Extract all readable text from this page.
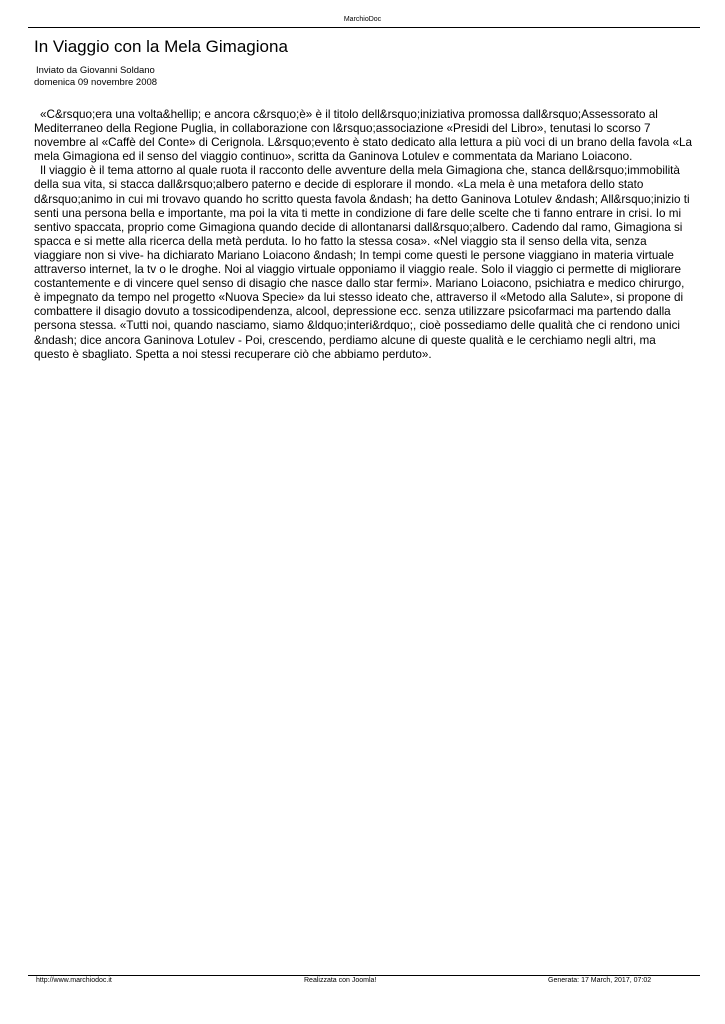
MarchioDoc
In Viaggio con la Mela Gimagiona
Inviato da Giovanni Soldano
domenica 09 novembre 2008

«C&rsquo;era una volta&hellip; e ancora c&rsquo;è» è il titolo dell&rsquo;iniziativa promossa dall&rsquo;Assessorato al Mediterraneo della Regione Puglia, in collaborazione con l&rsquo;associazione «Presidi del Libro», tenutasi lo scorso 7 novembre al «Caffè del Conte» di Cerignola. L&rsquo;evento è stato dedicato alla lettura a più voci di un brano della favola «La mela Gimagiona ed il senso del viaggio continuo», scritta da Ganinova Lotulev e commentata da Mariano Loiacono.

Il viaggio è il tema attorno al quale ruota il racconto delle avventure della mela Gimagiona che, stanca dell&rsquo;immobilità della sua vita, si stacca dall&rsquo;albero paterno e decide di esplorare il mondo. «La mela è una metafora dello stato d&rsquo;animo in cui mi trovavo quando ho scritto questa favola &ndash; ha detto Ganinova Lotulev &ndash; All&rsquo;inizio ti senti una persona bella e importante, ma poi la vita ti mette in condizione di fare delle scelte che ti fanno entrare in crisi. Io mi sentivo spaccata, proprio come Gimagiona quando decide di allontanarsi dall&rsquo;albero. Cadendo dal ramo, Gimagiona si spacca e si mette alla ricerca della metà perduta. Io ho fatto la stessa cosa». «Nel viaggio sta il senso della vita, senza viaggiare non si vive- ha dichiarato Mariano Loiacono &ndash; In tempi come questi le persone viaggiano in materia virtuale attraverso internet, la tv o le droghe. Noi al viaggio virtuale opponiamo il viaggio reale. Solo il viaggio ci permette di migliorare costantemente e di vincere quel senso di disagio che nasce dallo star fermi». Mariano Loiacono, psichiatra e medico chirurgo, è impegnato da tempo nel progetto «Nuova Specie» da lui stesso ideato che, attraverso il «Metodo alla Salute», si propone di combattere il disagio dovuto a tossicodipendenza, alcool, depressione ecc. senza utilizzare psicofarmaci ma partendo dalla persona stessa. «Tutti noi, quando nasciamo, siamo &ldquo;interi&rdquo;, cioè possediamo delle qualità che ci rendono unici &ndash; dice ancora Ganinova Lotulev - Poi, crescendo, perdiamo alcune di queste qualità e le cerchiamo negli altri, ma questo è sbagliato. Spetta a noi stessi recuperare ciò che abbiamo perduto».

http://www.marchiodoc.it	Realizzata con Joomla!	Generata: 17 March, 2017, 07:02
